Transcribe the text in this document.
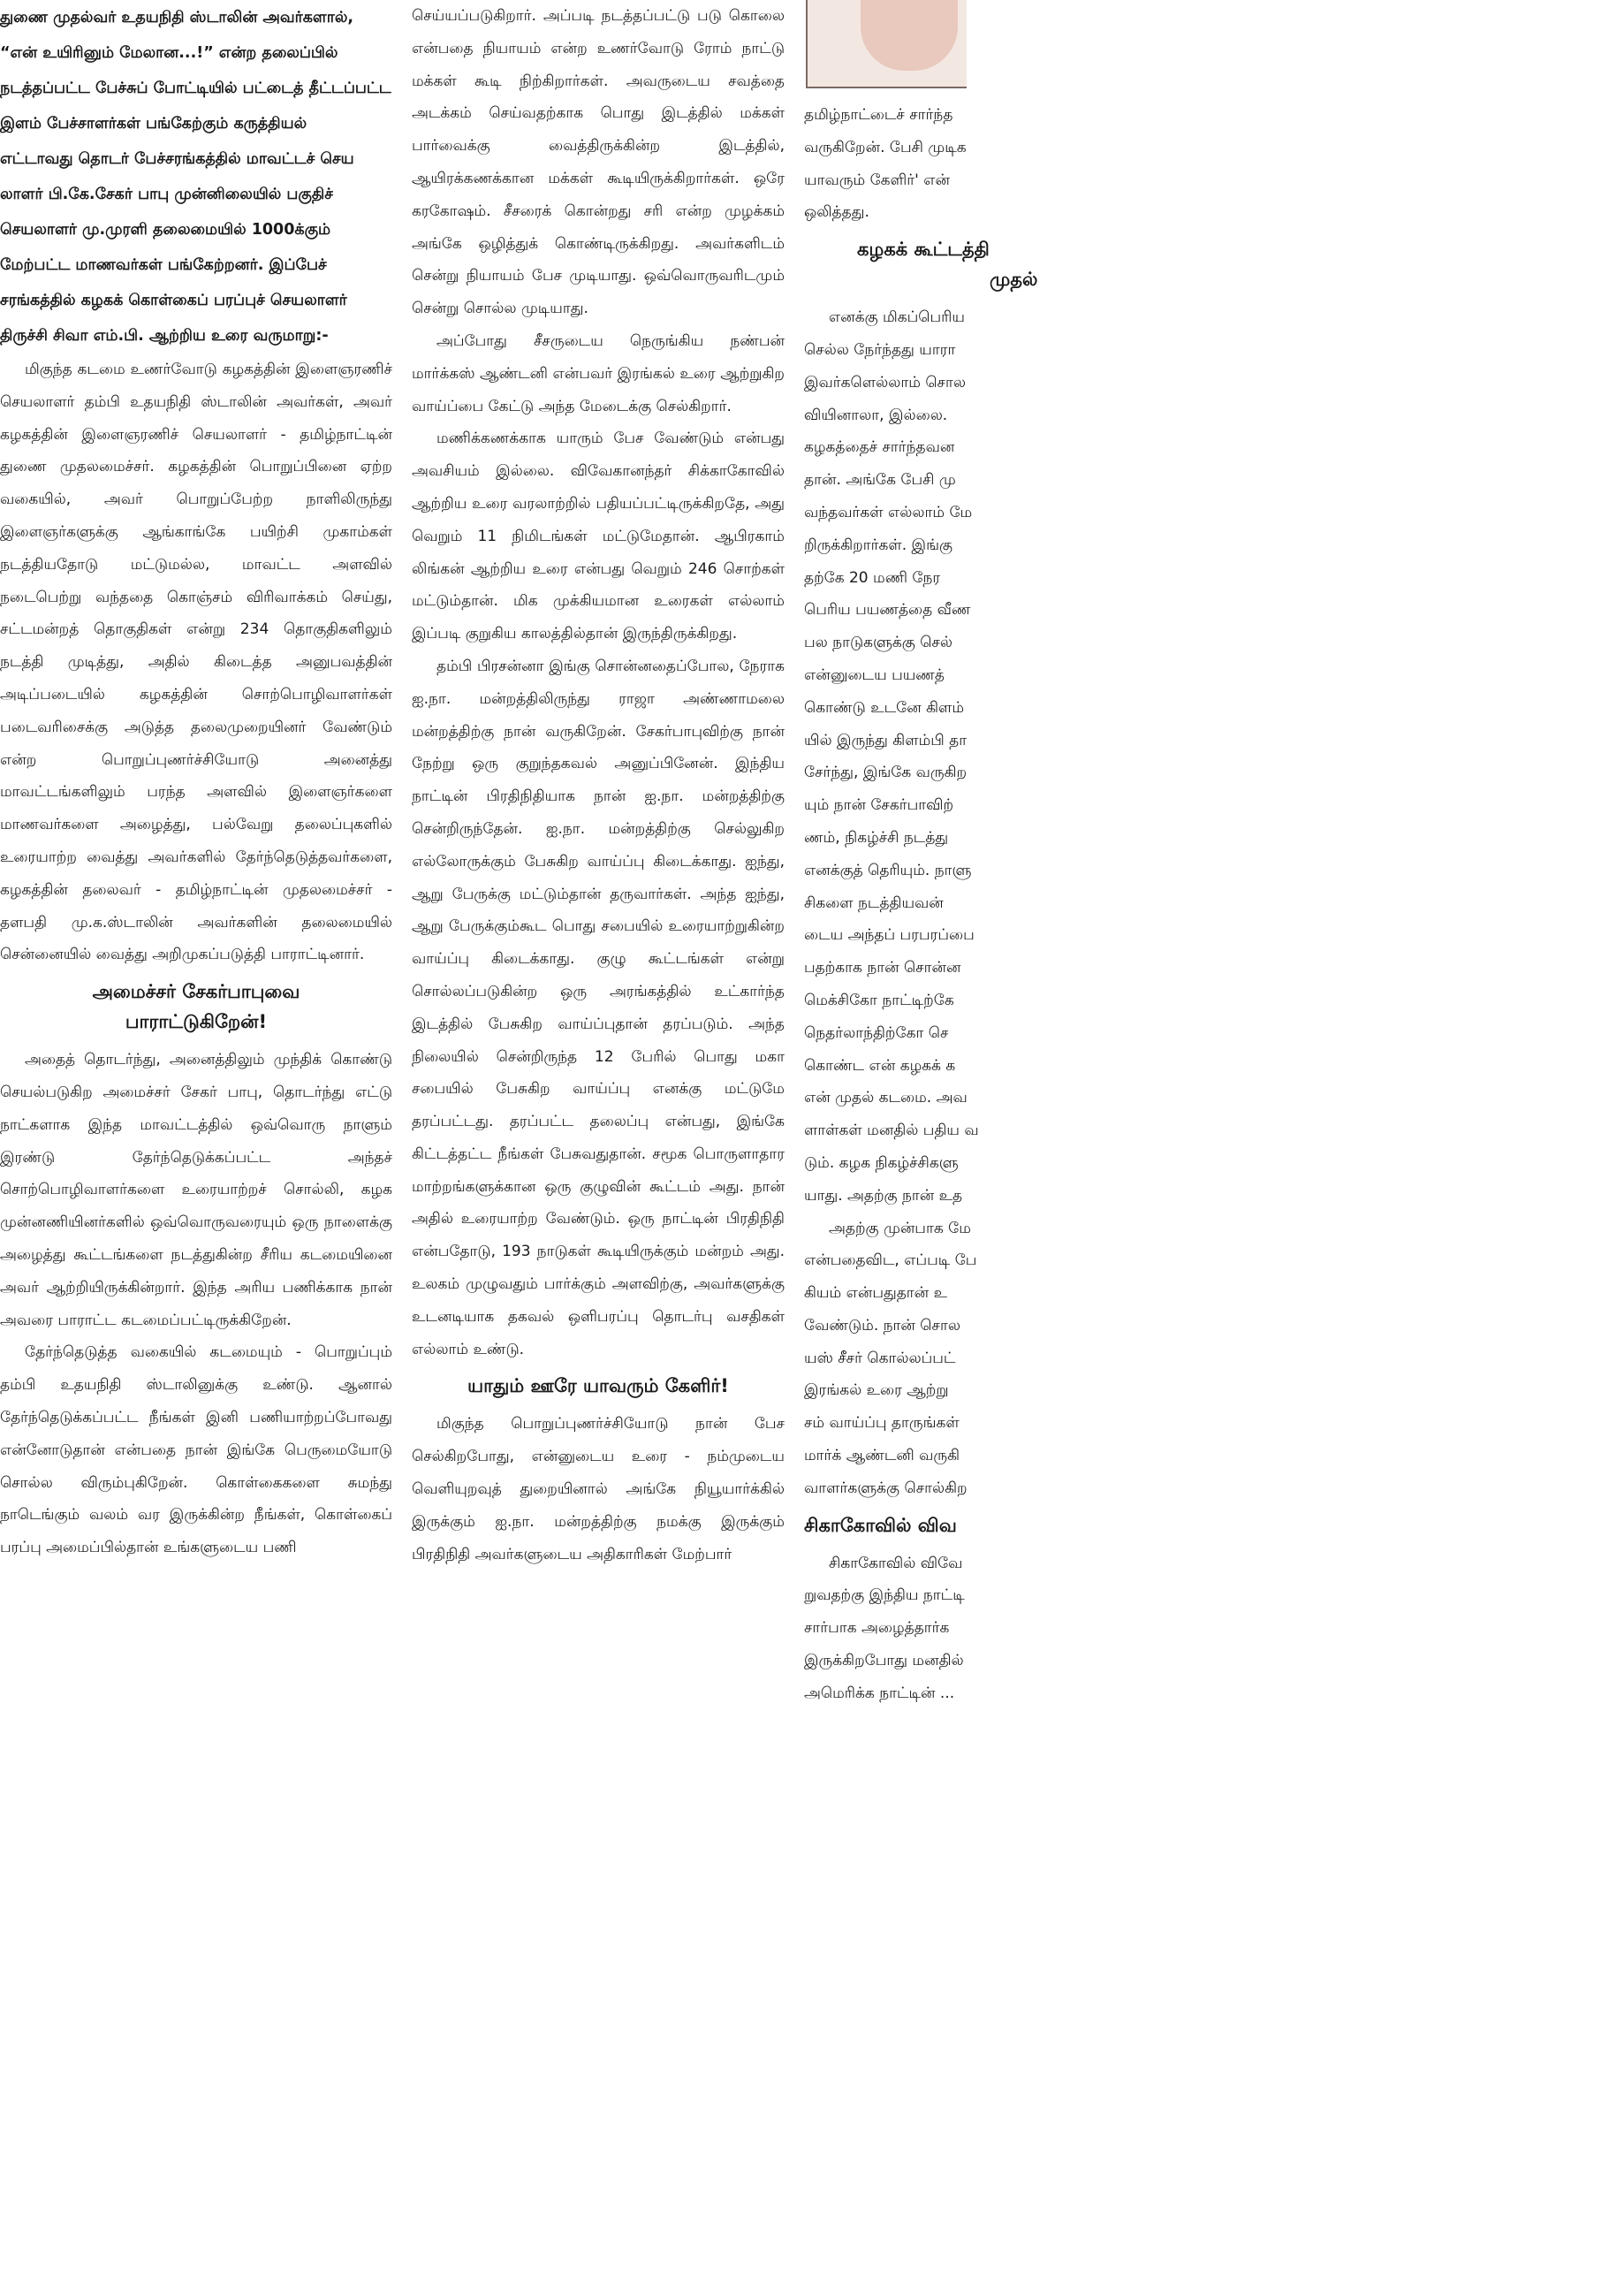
துணை முதல்வர் உதயநிதி ஸ்டாலின் அவர்களால்,
“என் உயிரினும் மேலான...!” என்ற தலைப்பில்
நடத்தப்பட்ட பேச்சுப் போட்டியில் பட்டைத் தீட்டப்பட்ட
இளம் பேச்சாளர்கள் பங்கேற்கும் கருத்தியல்
எட்டாவது தொடர் பேச்சரங்கத்தில் மாவட்டச் செய
லாளர் பி.கே.சேகர் பாபு முன்னிலையில் பகுதிச்
செயலாளர் மு.முரளி தலைமையில் 1000க்கும்
மேற்பட்ட மாணவர்கள் பங்கேற்றனர். இப்பேச்
சரங்கத்தில் கழகக் கொள்கைப் பரப்புச் செயலாளர்
திருச்சி சிவா எம்.பி. ஆற்றிய உரை வருமாறு:-

மிகுந்த கடமை உணர்வோடு கழகத்தின் இளைஞரணிச் செயலாளர் தம்பி உதயநிதி ஸ்டாலின் அவர்கள், அவர் கழகத்தின் இளைஞரணிச் செயலாளர் - தமிழ்நாட்டின் துணை முதலமைச்சர். கழகத்தின் பொறுப்பினை ஏற்ற வகையில், அவர் பொறுப்பேற்ற நாளிலிருந்து இளைஞர்களுக்கு ஆங்காங்கே பயிற்சி முகாம்கள் நடத்தியதோடு மட்டுமல்ல, மாவட்ட அளவில் நடைபெற்று வந்ததை கொஞ்சம் விரிவாக்கம் செய்து, சட்டமன்றத் தொகுதிகள் என்று 234 தொகுதிகளிலும் நடத்தி முடித்து, அதில் கிடைத்த அனுபவத்தின் அடிப்படையில் கழகத்தின் சொற்பொழிவாளர்கள் படைவரிசைக்கு அடுத்த தலைமுறையினர் வேண்டும் என்ற பொறுப்புணர்ச்சியோடு அனைத்து மாவட்டங்களிலும் பரந்த அளவில் இளைஞர்களை மாணவர்களை அழைத்து, பல்வேறு தலைப்புகளில் உரையாற்ற வைத்து அவர்களில் தேர்ந்தெடுத்தவர்களை, கழகத்தின் தலைவர் - தமிழ்நாட்டின் முதலமைச்சர் - தளபதி மு.க.ஸ்டாலின் அவர்களின் தலைமையில் சென்னையில் வைத்து அறிமுகப்படுத்தி பாராட்டினார்.

அமைச்சர் சேகர்பாபுவை
பாராட்டுகிறேன்!

அதைத் தொடர்ந்து, அனைத்திலும் முந்திக் கொண்டு செயல்படுகிற அமைச்சர் சேகர் பாபு, தொடர்ந்து எட்டு நாட்களாக இந்த மாவட்டத்தில் ஒவ்வொரு நாளும் இரண்டு தேர்ந்தெடுக்கப்பட்ட அந்தச் சொற்பொழிவாளர்களை உரையாற்றச் சொல்லி, கழக முன்னணியினர்களில் ஒவ்வொருவரையும் ஒரு நாளைக்கு அழைத்து கூட்டங்களை நடத்துகின்ற சீரிய கடமையினை அவர் ஆற்றியிருக்கின்றார். இந்த அரிய பணிக்காக நான் அவரை பாராட்ட கடமைப்பட்டிருக்கிறேன்.

தேர்ந்தெடுத்த வகையில் கடமையும் - பொறுப்பும் தம்பி உதயநிதி ஸ்டாலினுக்கு உண்டு. ஆனால் தேர்ந்தெடுக்கப்பட்ட நீங்கள் இனி பணியாற்றப்போவது என்னோடுதான் என்பதை நான் இங்கே பெருமையோடு சொல்ல விரும்புகிறேன். கொள்கைகளை சுமந்து நாடெங்கும் வலம் வர இருக்கின்ற நீங்கள், கொள்கைப் பரப்பு அமைப்பில்தான் உங்களுடைய பணி

செய்யப்படுகிறார். அப்படி நடத்தப்பட்டு படு கொலை என்பதை நியாயம் என்ற உணர்வோடு ரோம் நாட்டு மக்கள் கூடி நிற்கிறார்கள். அவருடைய சவத்தை அடக்கம் செய்வதற்காக பொது இடத்தில் மக்கள் பார்வைக்கு வைத்திருக்கின்ற இடத்தில், ஆயிரக்கணக்கான மக்கள் கூடியிருக்கிறார்கள். ஒரே கரகோஷம். சீசரைக் கொன்றது சரி என்ற முழக்கம் அங்கே ஒழித்துக் கொண்டிருக்கிறது. அவர்களிடம் சென்று நியாயம் பேச முடியாது. ஒவ்வொருவரிடமும் சென்று சொல்ல முடியாது.

அப்போது சீசருடைய நெருங்கிய நண்பன் மார்க்கஸ் ஆண்டனி என்பவர் இரங்கல் உரை ஆற்றுகிற வாய்ப்பை கேட்டு அந்த மேடைக்கு செல்கிறார்.

மணிக்கணக்காக யாரும் பேச வேண்டும் என்பது அவசியம் இல்லை. விவேகானந்தர் சிக்காகோவில் ஆற்றிய உரை வரலாற்றில் பதியப்பட்டிருக்கிறதே, அது வெறும் 11 நிமிடங்கள் மட்டுமேதான். ஆபிரகாம் லிங்கன் ஆற்றிய உரை என்பது வெறும் 246 சொற்கள் மட்டும்தான். மிக முக்கியமான உரைகள் எல்லாம் இப்படி குறுகிய காலத்தில்தான் இருந்திருக்கிறது.

தம்பி பிரசன்னா இங்கு சொன்னதைப்போல, நேராக ஐ.நா. மன்றத்திலிருந்து ராஜா அண்ணாமலை மன்றத்திற்கு நான் வருகிறேன். சேகர்பாபுவிற்கு நான் நேற்று ஒரு குறுந்தகவல் அனுப்பினேன். இந்திய நாட்டின் பிரதிநிதியாக நான் ஐ.நா. மன்றத்திற்கு சென்றிருந்தேன். ஐ.நா. மன்றத்திற்கு செல்லுகிற எல்லோருக்கும் பேசுகிற வாய்ப்பு கிடைக்காது. ஐந்து, ஆறு பேருக்கு மட்டும்தான் தருவார்கள். அந்த ஐந்து, ஆறு பேருக்கும்கூட பொது சபையில் உரையாற்றுகின்ற வாய்ப்பு கிடைக்காது. குழு கூட்டங்கள் என்று சொல்லப்படுகின்ற ஒரு அரங்கத்தில் உட்கார்ந்த இடத்தில் பேசுகிற வாய்ப்புதான் தரப்படும். அந்த நிலையில் சென்றிருந்த 12 பேரில் பொது மகா சபையில் பேசுகிற வாய்ப்பு எனக்கு மட்டுமே தரப்பட்டது. தரப்பட்ட தலைப்பு என்பது, இங்கே கிட்டத்தட்ட நீங்கள் பேசுவதுதான். சமூக பொருளாதார மாற்றங்களுக்கான ஒரு குழுவின் கூட்டம் அது. நான் அதில் உரையாற்ற வேண்டும். ஒரு நாட்டின் பிரதிநிதி என்பதோடு, 193 நாடுகள் கூடியிருக்கும் மன்றம் அது. உலகம் முழுவதும் பார்க்கும் அளவிற்கு, அவர்களுக்கு உடனடியாக தகவல் ஒளிபரப்பு தொடர்பு வசதிகள் எல்லாம் உண்டு.

யாதும் ஊரே யாவரும் கேளிர்!

மிகுந்த பொறுப்புணர்ச்சியோடு நான் பேச செல்கிறபோது, என்னுடைய உரை - நம்முடைய வெளியுறவுத் துறையினால் அங்கே நியூயார்க்கில் இருக்கும் ஐ.நா. மன்றத்திற்கு நமக்கு இருக்கும் பிரதிநிதி அவர்களுடைய அதிகாரிகள் மேற்பார்

தமிழ்நாட்டைச் சார்ந்த
வருகிறேன். பேசி முடிக
யாவரும் கேளிர்' என்
ஒலித்தது.
கழகக் கூட்டத்தி
முதல்
எனக்கு மிகப்பெரிய
செல்ல நேர்ந்தது யாரா
இவர்களெல்லாம் சொல
வியினாலா, இல்லை.
கழகத்தைச் சார்ந்தவன
தான். அங்கே பேசி மு
வந்தவர்கள் எல்லாம் மே
றிருக்கிறார்கள். இங்கு
தற்கே 20 மணி நேர
பெரிய பயணத்தை வீண
பல நாடுகளுக்கு செல்
என்னுடைய பயணத்
கொண்டு உடனே கிளம்
யில் இருந்து கிளம்பி தா
சேர்ந்து, இங்கே வருகிற
யும் நான் சேகர்பாவிற்
ணம், நிகழ்ச்சி நடத்து
எனக்குத் தெரியும். நாளு
சிகளை நடத்தியவன்
டைய அந்தப் பரபரப்பை
பதற்காக நான் சொன்ன
மெக்சிகோ நாட்டிற்கே
நெதர்லாந்திற்கோ செ
கொண்ட என் கழகக் க
என் முதல் கடமை. அவ
ளாள்கள் மனதில் பதிய வ
டும். கழக நிகழ்ச்சிகளு
யாது. அதற்கு நான் உத
அதற்கு முன்பாக மே
என்பதைவிட, எப்படி பே
கியம் என்பதுதான் உ
வேண்டும். நான் சொல
யஸ் சீசர் கொல்லப்பட்
இரங்கல் உரை ஆற்று
சம் வாய்ப்பு தாருங்கள்
மார்க் ஆண்டனி வருகி
வாளர்களுக்கு சொல்கிற
சிகாகோவில் விவ
சிகாகோவில் விவே
றுவதற்கு இந்திய நாட்டி
சார்பாக அழைத்தார்க
இருக்கிறபோது மனதில்
அமெரிக்க நாட்டின் ...
